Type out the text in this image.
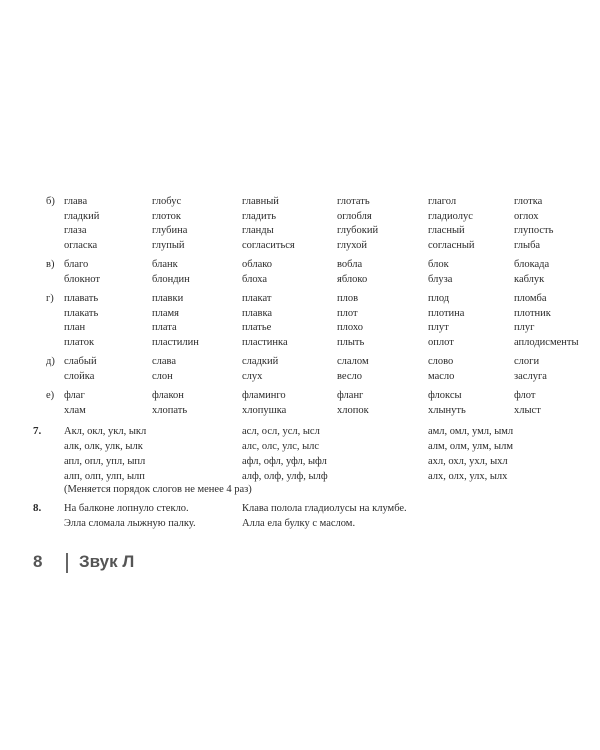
б) глава
гладкий
глаза
огласка
глобус
глоток
глубина
глупый
главный
гладить
гланды
согласиться
глотать
оглобля
глубокий
глухой
глагол
гладиолус
гласный
согласный
глотка
оглох
глупость
глыба
в) благо
блокнот
бланк
блондин
облако
блоха
вобла
яблоко
блок
блуза
блокада
каблук
г) плавать
плакать
план
платок
плавки
пламя
плата
пластилин
плакат
плавка
платье
пластинка
плов
плот
плохо
плыть
плод
плотина
плут
оплот
пломба
плотник
плуг
аплодисменты
д) слабый
слойка
слава
слон
сладкий
слух
слалом
весло
слово
масло
слоги
заслуга
е) флаг
хлам
флакон
хлопать
фламинго
хлопушка
фланг
хлопок
флоксы
хлынуть
флот
хлыст
7. Акл, окл, укл, ыкл
алк, олк, улк, ылк
апл, опл, упл, ыпл
алп, олп, улп, ылп
асл, осл, усл, ысл
алс, олс, улс, ылс
афл, офл, уфл, ыфл
алф, олф, улф, ылф
амл, омл, умл, ымл
алм, олм, улм, ылм
ахл, охл, ухл, ыхл
алх, олх, улх, ылх
(Меняется порядок слогов не менее 4 раз)
8. На балконе лопнуло стекло.
Элла сломала лыжную палку.
Клава полола гладиолусы на клумбе.
Алла ела булку с маслом.
8 Звук Л
